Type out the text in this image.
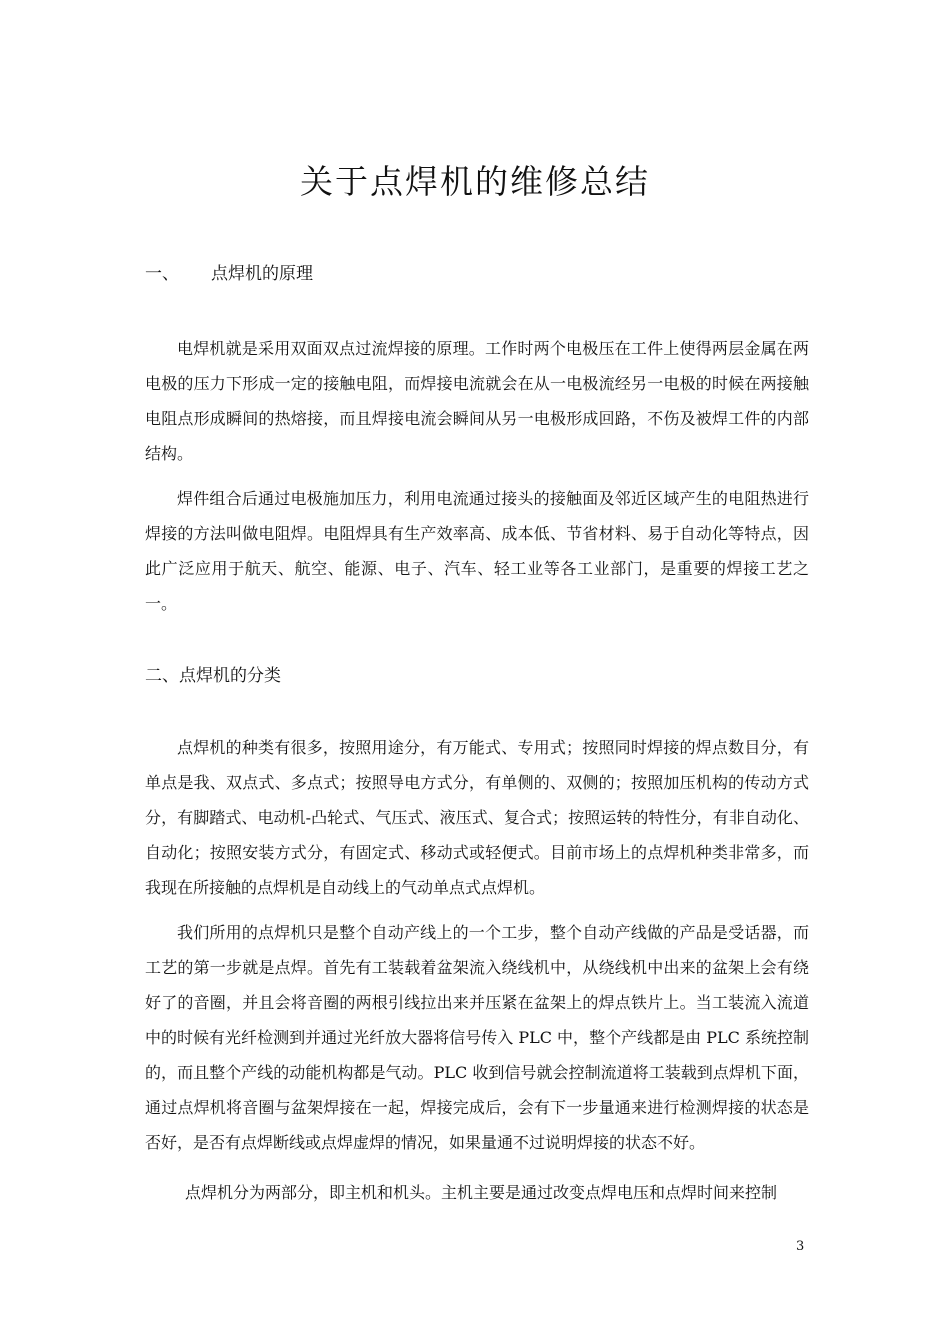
关于点焊机的维修总结
一、 点焊机的原理

电焊机就是采用双面双点过流焊接的原理。工作时两个电极压在工件上使得两层金属在两电极的压力下形成一定的接触电阻，而焊接电流就会在从一电极流经另一电极的时候在两接触电阻点形成瞬间的热熔接，而且焊接电流会瞬间从另一电极形成回路，不伤及被焊工件的内部结构。

焊件组合后通过电极施加压力，利用电流通过接头的接触面及邻近区域产生的电阻热进行焊接的方法叫做电阻焊。电阻焊具有生产效率高、成本低、节省材料、易于自动化等特点，因此广泛应用于航天、航空、能源、电子、汽车、轻工业等各工业部门，是重要的焊接工艺之一。

二、点焊机的分类

点焊机的种类有很多，按照用途分，有万能式、专用式；按照同时焊接的焊点数目分，有单点是我、双点式、多点式；按照导电方式分，有单侧的、双侧的；按照加压机构的传动方式分，有脚踏式、电动机-凸轮式、气压式、液压式、复合式；按照运转的特性分，有非自动化、自动化；按照安装方式分，有固定式、移动式或轻便式。目前市场上的点焊机种类非常多，而我现在所接触的点焊机是自动线上的气动单点式点焊机。

我们所用的点焊机只是整个自动产线上的一个工步，整个自动产线做的产品是受话器，而工艺的第一步就是点焊。首先有工装载着盆架流入绕线机中，从绕线机中出来的盆架上会有绕好了的音圈，并且会将音圈的两根引线拉出来并压紧在盆架上的焊点铁片上。当工装流入流道中的时候有光纤检测到并通过光纤放大器将信号传入 PLC 中，整个产线都是由 PLC 系统控制的，而且整个产线的动能机构都是气动。PLC 收到信号就会控制流道将工装载到点焊机下面，通过点焊机将音圈与盆架焊接在一起，焊接完成后，会有下一步量通来进行检测焊接的状态是否好，是否有点焊断线或点焊虚焊的情况，如果量通不过说明焊接的状态不好。

点焊机分为两部分，即主机和机头。主机主要是通过改变点焊电压和点焊时间来控制

3
